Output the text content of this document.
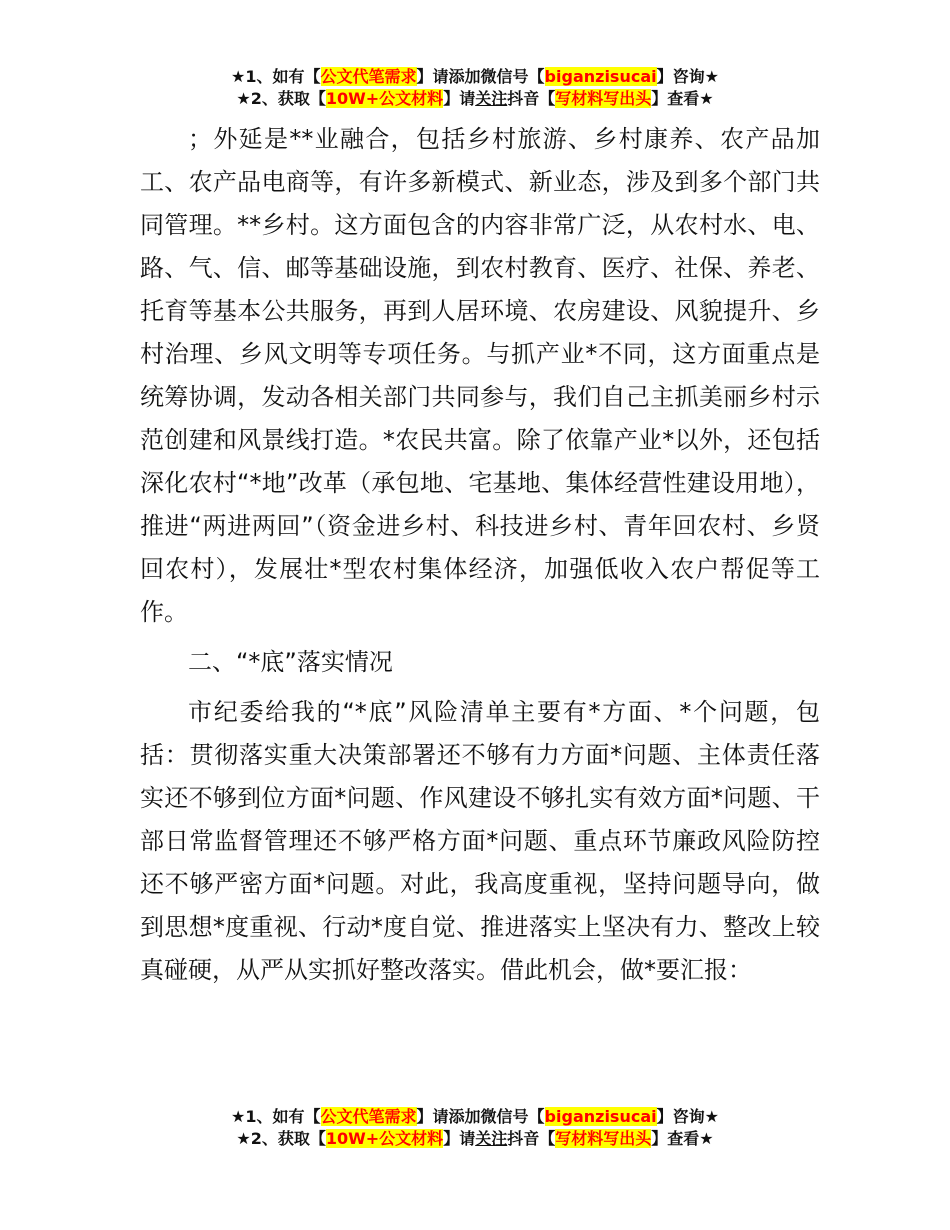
★1、如有【公文代笔需求】请添加微信号【biganzisucai】咨询★
★2、获取【10W+公文材料】请关注抖音【写材料写出头】查看★

；外延是**业融合，包括乡村旅游、乡村康养、农产品加工、农产品电商等，有许多新模式、新业态，涉及到多个部门共同管理。**乡村。这方面包含的内容非常广泛，从农村水、电、路、气、信、邮等基础设施，到农村教育、医疗、社保、养老、托育等基本公共服务，再到人居环境、农房建设、风貌提升、乡村治理、乡风文明等专项任务。与抓产业*不同，这方面重点是统筹协调，发动各相关部门共同参与，我们自己主抓美丽乡村示范创建和风景线打造。*农民共富。除了依靠产业*以外，还包括深化农村“*地”改革（承包地、宅基地、集体经营性建设用地），推进“两进两回”（资金进乡村、科技进乡村、青年回农村、乡贤回农村），发展壮*型农村集体经济，加强低收入农户帮促等工作。

二、“*底”落实情况

市纪委给我的“*底”风险清单主要有*方面、*个问题，包括：贯彻落实重大决策部署还不够有力方面*问题、主体责任落实还不够到位方面*问题、作风建设不够扎实有效方面*问题、干部日常监督管理还不够严格方面*问题、重点环节廉政风险防控还不够严密方面*问题。对此，我高度重视，坚持问题导向，做到思想*度重视、行动*度自觉、推进落实上坚决有力、整改上较真碰硬，从严从实抓好整改落实。借此机会，做*要汇报：

★1、如有【公文代笔需求】请添加微信号【biganzisucai】咨询★
★2、获取【10W+公文材料】请关注抖音【写材料写出头】查看★
